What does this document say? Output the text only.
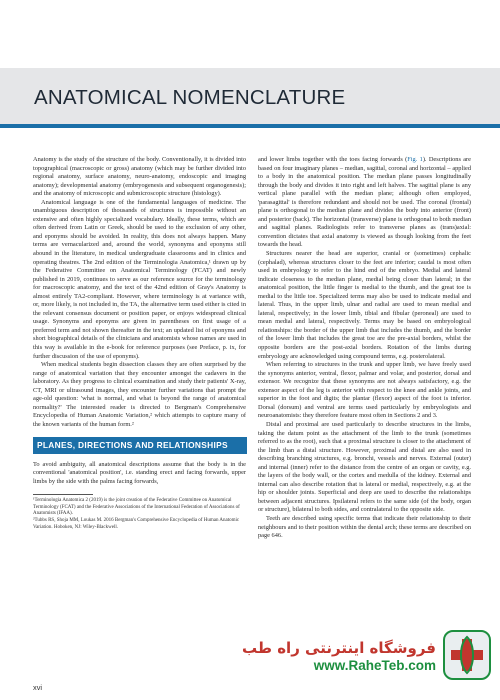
ANATOMICAL NOMENCLATURE

Anatomy is the study of the structure of the body. Conventionally, it is divided into topographical (macroscopic or gross) anatomy (which may be further divided into regional anatomy, surface anatomy, neuro-anatomy, endoscopic and imaging anatomy); developmental anatomy (embryogenesis and subsequent organogenesis); and the anatomy of microscopic and submicroscopic structure (histology).

Anatomical language is one of the fundamental languages of medicine. The unambiguous description of thousands of structures is impossible without an extensive and often highly specialized vocabulary. Ideally, these terms, which are often derived from Latin or Greek, should be used to the exclusion of any other, and eponyms should be avoided. In reality, this does not always happen. Many terms are vernacularized and, around the world, synonyms and eponyms still abound in the literature, in medical undergraduate classrooms and in clinics and operating theatres. The 2nd edition of the Terminologia Anatomica,¹ drawn up by the Federative Committee on Anatomical Terminology (FCAT) and newly published in 2019, continues to serve as our reference source for the terminology for macroscopic anatomy, and the text of the 42nd edition of Gray's Anatomy is almost entirely TA2-compliant. However, where terminology is at variance with, or, more likely, is not included in, the TA, the alternative term used either is cited in the relevant consensus document or position paper, or enjoys widespread clinical usage. Synonyms and eponyms are given in parentheses on first usage of a preferred term and not shown thereafter in the text; an updated list of eponyms and short biographical details of the clinicians and anatomists whose names are used in this way is available in the e-book for reference purposes (see Preface, p. ix, for further discussion of the use of eponyms).

When medical students begin dissection classes they are often surprised by the range of anatomical variation that they encounter amongst the cadavers in the laboratory. As they progress to clinical examination and study their patients' X-ray, CT, MRI or ultrasound images, they encounter further variations that prompt the age-old question: 'what is normal, and what is beyond the range of anatomical normality?' The interested reader is directed to Bergman's Comprehensive Encyclopedia of Human Anatomic Variation,² which attempts to capture many of the known variants of the human form.²

PLANES, DIRECTIONS AND RELATIONSHIPS

To avoid ambiguity, all anatomical descriptions assume that the body is in the conventional 'anatomical position', i.e. standing erect and facing forwards, upper limbs by the side with the palms facing forwards,

¹Terminologia Anatomica 2 (2019) is the joint creation of the Federative Committee on Anatomical Terminology (FCAT) and the Federative Associations of the International Federation of Associations of Anatomists (IFAA).

²Tubbs RS, Shoja MM, Loukas M. 2016 Bergman's Comprehensive Encyclopedia of Human Anatomic Variation. Hoboken, NJ: Wiley-Blackwell.

and lower limbs together with the toes facing forwards (Fig. 1). Descriptions are based on four imaginary planes – median, sagittal, coronal and horizontal – applied to a body in the anatomical position. The median plane passes longitudinally through the body and divides it into right and left halves. The sagittal plane is any vertical plane parallel with the median plane; although often employed, 'parasagittal' is therefore redundant and should not be used. The coronal (frontal) plane is orthogonal to the median plane and divides the body into anterior (front) and posterior (back). The horizontal (transverse) plane is orthogonal to both median and sagittal planes. Radiologists refer to transverse planes as (trans)axial: convention dictates that axial anatomy is viewed as though looking from the feet towards the head.

Structures nearer the head are superior, cranial or (sometimes) cephalic (cephalad), whereas structures closer to the feet are inferior; caudal is most often used in embryology to refer to the hind end of the embryo. Medial and lateral indicate closeness to the median plane, medial being closer than lateral; in the anatomical position, the little finger is medial to the thumb, and the great toe is medial to the little toe. Specialized terms may also be used to indicate medial and lateral. Thus, in the upper limb, ulnar and radial are used to mean medial and lateral, respectively; in the lower limb, tibial and fibular (peroneal) are used to mean medial and lateral, respectively. Terms may be based on embryological relationships: the border of the upper limb that includes the thumb, and the border of the lower limb that includes the great toe are the pre-axial borders, whilst the opposite borders are the post-axial borders. Rotation of the limbs during embryology are acknowledged using compound terms, e.g. posterolateral.

When referring to structures in the trunk and upper limb, we have freely used the synonyms anterior, ventral, flexor, palmar and volar, and posterior, dorsal and extensor. We recognize that these synonyms are not always satisfactory, e.g. the extensor aspect of the leg is anterior with respect to the knee and ankle joints, and superior in the foot and digits; the plantar (flexor) aspect of the foot is inferior. Dorsal (dorsum) and ventral are terms used particularly by embryologists and neuroanatomists: they therefore feature most often in Sections 2 and 3.

Distal and proximal are used particularly to describe structures in the limbs, taking the datum point as the attachment of the limb to the trunk (sometimes referred to as the root), such that a proximal structure is closer to the attachment of the limb than a distal structure. However, proximal and distal are also used in describing branching structures, e.g. bronchi, vessels and nerves. External (outer) and internal (inner) refer to the distance from the centre of an organ or cavity, e.g. the layers of the body wall, or the cortex and medulla of the kidney. External and internal can also describe rotation that is lateral or medial, respectively, e.g. at the hip or shoulder joints. Superficial and deep are used to describe the relationships between adjacent structures. Ipsilateral refers to the same side (of the body, organ or structure), bilateral to both sides, and contralateral to the opposite side.

Teeth are described using specific terms that indicate their relationship to their neighbours and to their position within the dental arch; these terms are described on page 646.

xvi
فروشگاه اینترنتی راه طب
www.RaheTeb.com
